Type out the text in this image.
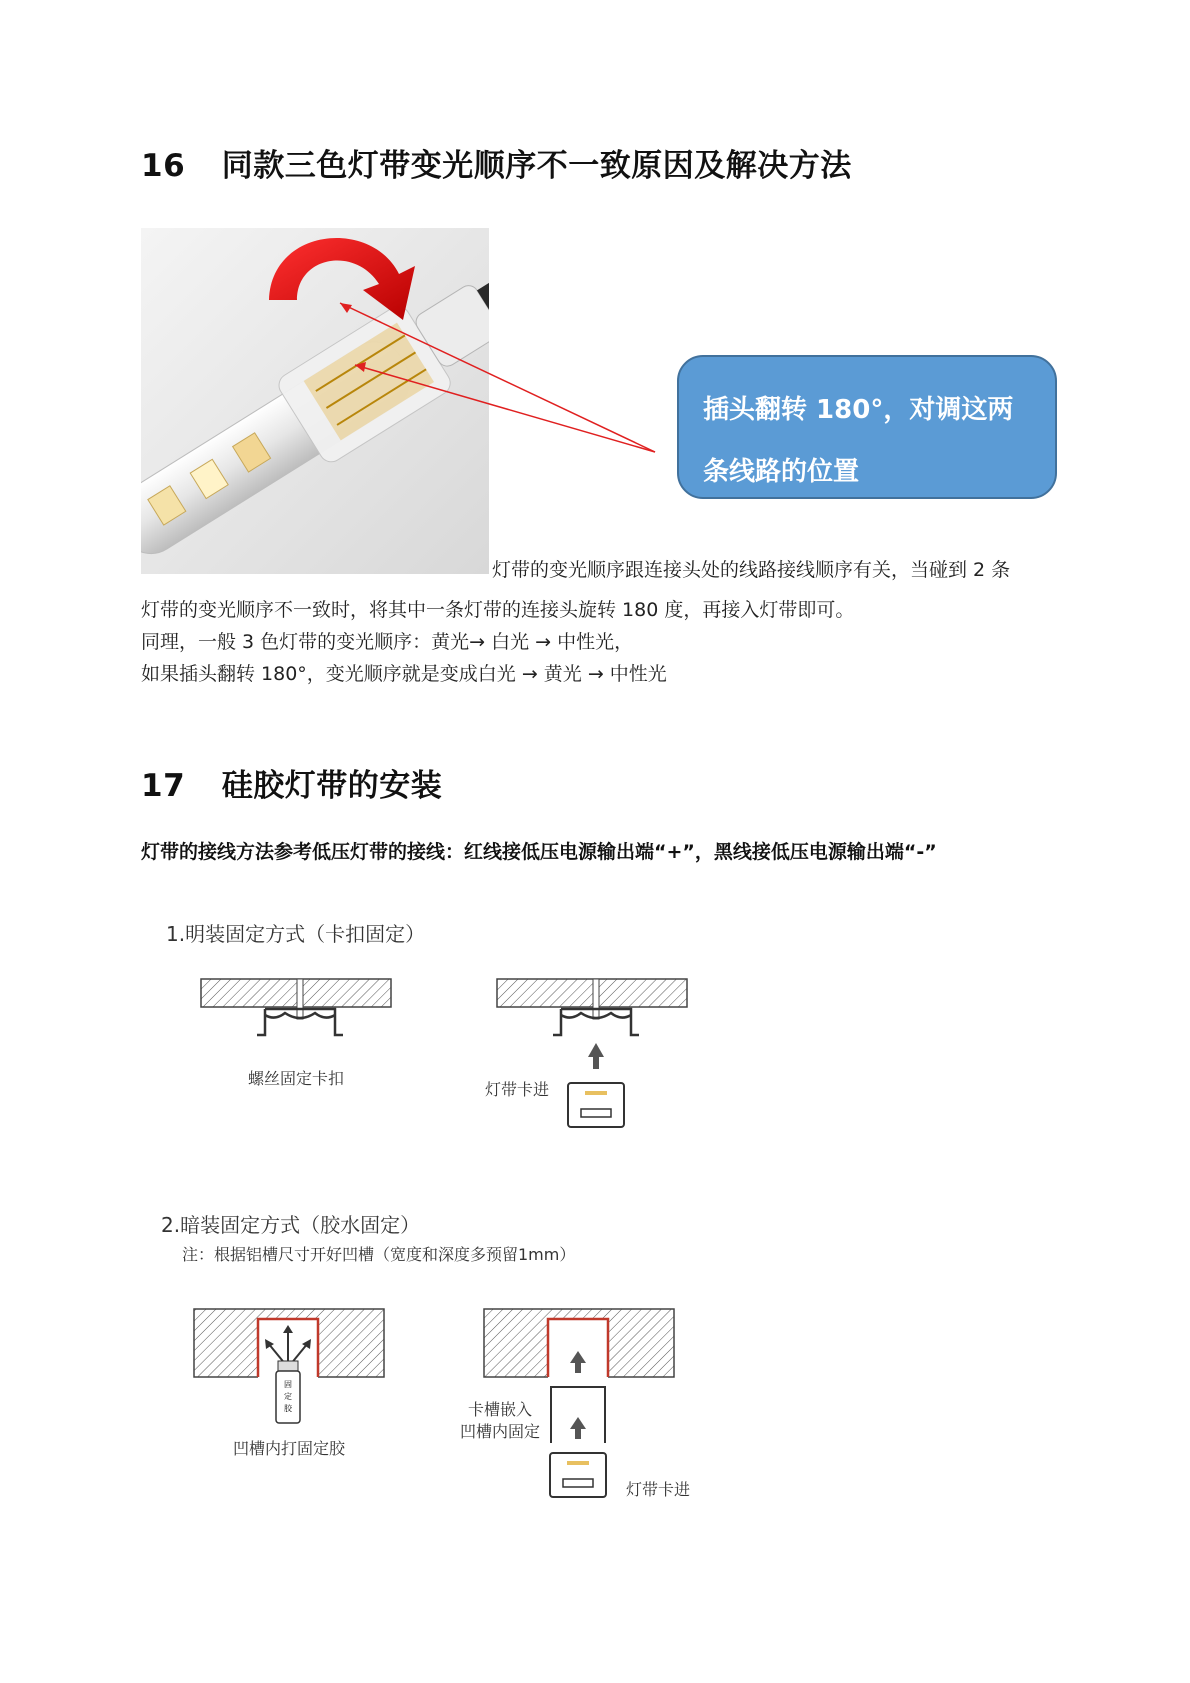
16 同款三色灯带变光顺序不一致原因及解决方法
插头翻转 180°，对调这两
条线路的位置
灯带的变光顺序跟连接头处的线路接线顺序有关，当碰到 2 条
灯带的变光顺序不一致时，将其中一条灯带的连接头旋转 180 度，再接入灯带即可。
同理，一般 3 色灯带的变光顺序：黄光→ 白光 → 中性光，
如果插头翻转 180°，变光顺序就是变成白光 → 黄光 → 中性光
17 硅胶灯带的安装
灯带的接线方法参考低压灯带的接线：红线接低压电源输出端“+”，黑线接低压电源输出端“-”
1.明装固定方式（卡扣固定）
螺丝固定卡扣
灯带卡进
2.暗装固定方式（胶水固定）
注：根据铝槽尺寸开好凹槽（宽度和深度多预留1mm）
固
定
胶
凹槽内打固定胶
卡槽嵌入
凹槽内固定
灯带卡进
